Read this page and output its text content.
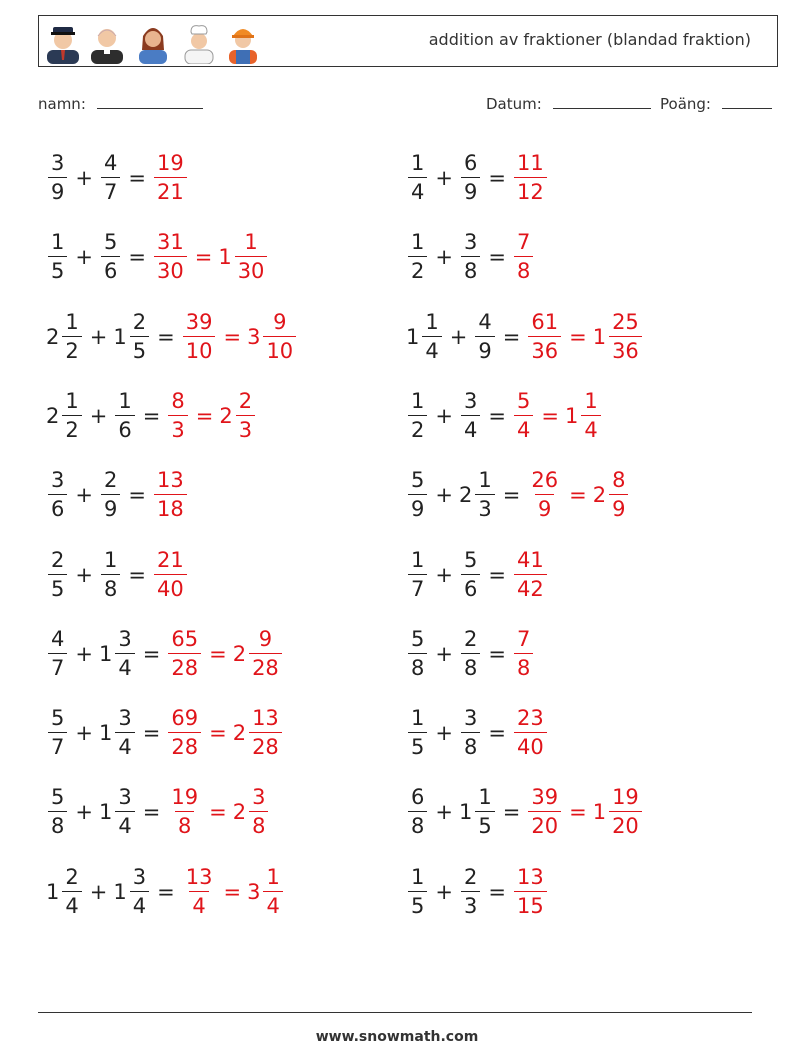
addition av fraktioner (blandad fraktion)
namn:	Datum:	Poäng:
$\frac{3}{9} + \frac{4}{7} = \frac{19}{21}$
$\frac{1}{5} + \frac{5}{6} = \frac{31}{30} = 1 \frac{1}{30}$
$2 \frac{1}{2} + 1 \frac{2}{5} = \frac{39}{10} = 3 \frac{9}{10}$
$2 \frac{1}{2} + \frac{1}{6} = \frac{8}{3} = 2 \frac{2}{3}$
$\frac{3}{6} + \frac{2}{9} = \frac{13}{18}$
$\frac{2}{5} + \frac{1}{8} = \frac{21}{40}$
$\frac{4}{7} + 1 \frac{3}{4} = \frac{65}{28} = 2 \frac{9}{28}$
$\frac{5}{7} + 1 \frac{3}{4} = \frac{69}{28} = 2 \frac{13}{28}$
$\frac{5}{8} + 1 \frac{3}{4} = \frac{19}{8} = 2 \frac{3}{8}$
$1 \frac{2}{4} + 1 \frac{3}{4} = \frac{13}{4} = 3 \frac{1}{4}$
$\frac{1}{4} + \frac{6}{9} = \frac{11}{12}$
$\frac{1}{2} + \frac{3}{8} = \frac{7}{8}$
$1 \frac{1}{4} + \frac{4}{9} = \frac{61}{36} = 1 \frac{25}{36}$
$\frac{1}{2} + \frac{3}{4} = \frac{5}{4} = 1 \frac{1}{4}$
$\frac{5}{9} + 2 \frac{1}{3} = \frac{26}{9} = 2 \frac{8}{9}$
$\frac{1}{7} + \frac{5}{6} = \frac{41}{42}$
$\frac{5}{8} + \frac{2}{8} = \frac{7}{8}$
$\frac{1}{5} + \frac{3}{8} = \frac{23}{40}$
$\frac{6}{8} + 1 \frac{1}{5} = \frac{39}{20} = 1 \frac{19}{20}$
$\frac{1}{5} + \frac{2}{3} = \frac{13}{15}$
www.snowmath.com
